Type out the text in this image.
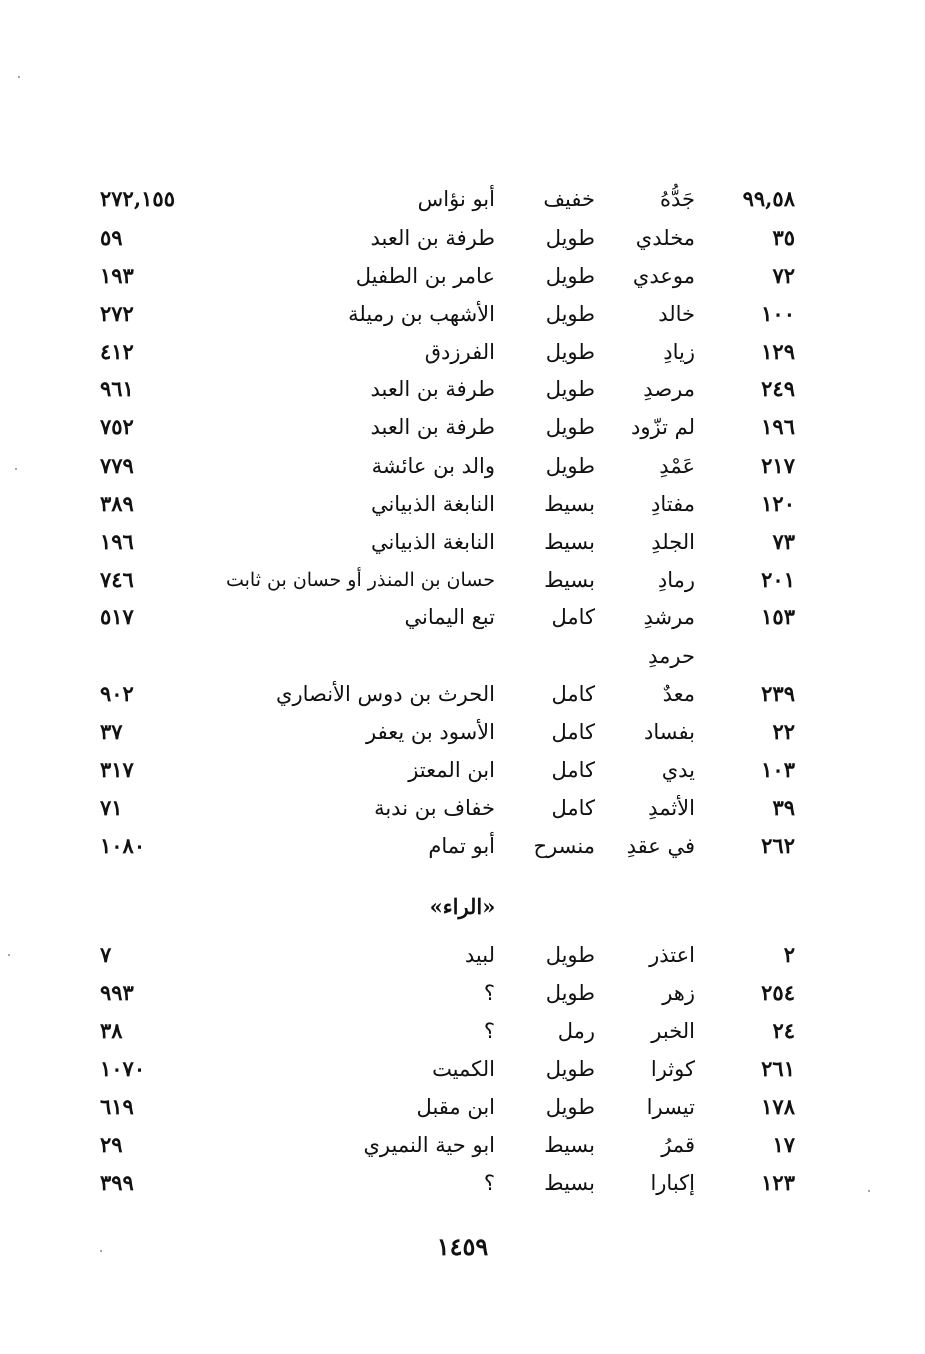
٩٩,٥٨
جَدُّهُ
خفيف
أبو نؤاس
٢٧٢,١٥٥
٣٥
مخلدي
طويل
طرفة بن العبد
٥٩
٧٢
موعدي
طويل
عامر بن الطفيل
١٩٣
١٠٠
خالد
طويل
الأشهب بن رميلة
٢٧٢
١٢٩
زيادِ
طويل
الفرزدق
٤١٢
٢٤٩
مرصدِ
طويل
طرفة بن العبد
٩٦١
١٩٦
لم تزّود
طويل
طرفة بن العبد
٧٥٢
٢١٧
عَمْدِ
طويل
والد بن عائشة
٧٧٩
١٢٠
مفتادِ
بسيط
النابغة الذبياني
٣٨٩
٧٣
الجلدِ
بسيط
النابغة الذبياني
١٩٦
٢٠١
رمادِ
بسيط
حسان بن المنذر أو حسان بن ثابت
٧٤٦
١٥٣
مرشدِ
كامل
تبع اليماني
٥١٧
حرمدِ
٢٣٩
معدٌ
كامل
الحرث بن دوس الأنصاري
٩٠٢
٢٢
بفساد
كامل
الأسود بن يعفر
٣٧
١٠٣
يدي
كامل
ابن المعتز
٣١٧
٣٩
الأثمدِ
كامل
خفاف بن ندبة
٧١
٢٦٢
في عقدِ
منسرح
أبو تمام
١٠٨٠
«الراء»
٢
اعتذر
طويل
لبيد
٧
٢٥٤
زهر
طويل
؟
٩٩٣
٢٤
الخبر
رمل
؟
٣٨
٢٦١
كوثرا
طويل
الكميت
١٠٧٠
١٧٨
تيسرا
طويل
ابن مقبل
٦١٩
١٧
قمرُ
بسيط
ابو حية النميري
٢٩
١٢٣
إكبارا
بسيط
؟
٣٩٩
١٤٥٩
